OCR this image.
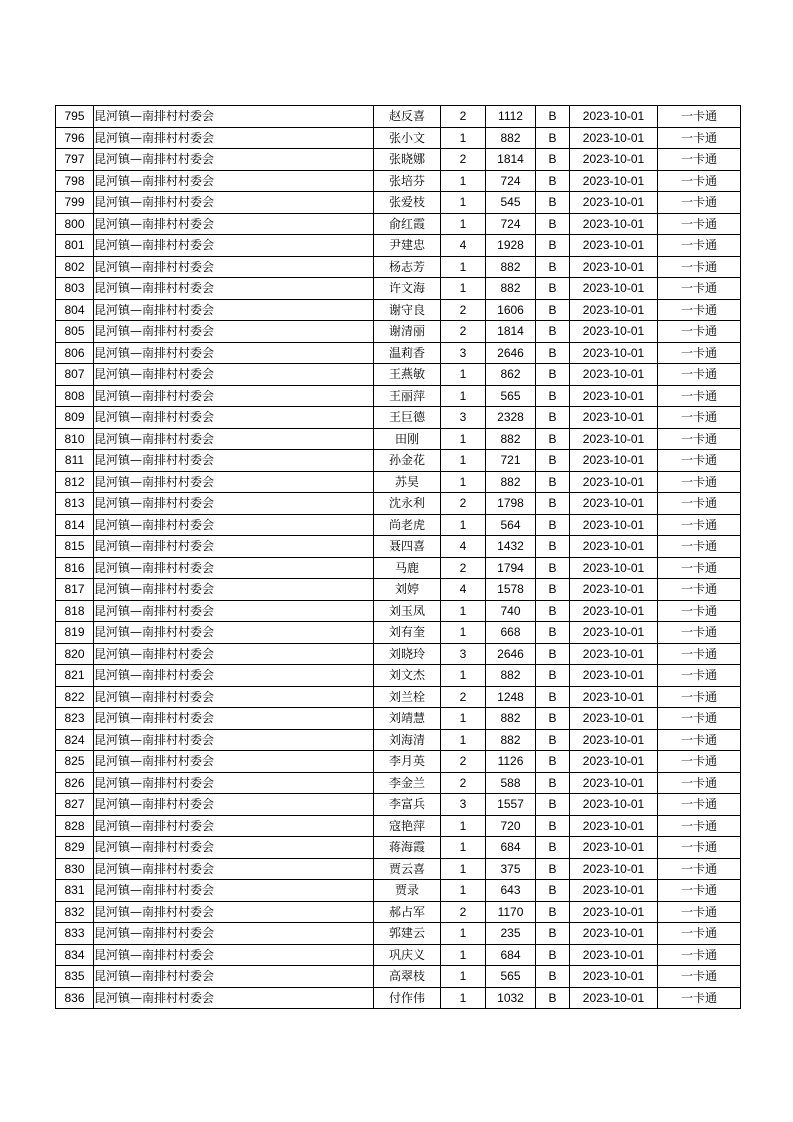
795	昆河镇—南排村村委会	赵反喜	2	1112	B	2023-10-01	一卡通
796	昆河镇—南排村村委会	张小文	1	882	B	2023-10-01	一卡通
797	昆河镇—南排村村委会	张晓娜	2	1814	B	2023-10-01	一卡通
798	昆河镇—南排村村委会	张培芬	1	724	B	2023-10-01	一卡通
799	昆河镇—南排村村委会	张爱枝	1	545	B	2023-10-01	一卡通
800	昆河镇—南排村村委会	俞红霞	1	724	B	2023-10-01	一卡通
801	昆河镇—南排村村委会	尹建忠	4	1928	B	2023-10-01	一卡通
802	昆河镇—南排村村委会	杨志芳	1	882	B	2023-10-01	一卡通
803	昆河镇—南排村村委会	许文海	1	882	B	2023-10-01	一卡通
804	昆河镇—南排村村委会	谢守良	2	1606	B	2023-10-01	一卡通
805	昆河镇—南排村村委会	谢清丽	2	1814	B	2023-10-01	一卡通
806	昆河镇—南排村村委会	温莉香	3	2646	B	2023-10-01	一卡通
807	昆河镇—南排村村委会	王燕敏	1	862	B	2023-10-01	一卡通
808	昆河镇—南排村村委会	王丽萍	1	565	B	2023-10-01	一卡通
809	昆河镇—南排村村委会	王巨德	3	2328	B	2023-10-01	一卡通
810	昆河镇—南排村村委会	田刚	1	882	B	2023-10-01	一卡通
811	昆河镇—南排村村委会	孙金花	1	721	B	2023-10-01	一卡通
812	昆河镇—南排村村委会	苏昊	1	882	B	2023-10-01	一卡通
813	昆河镇—南排村村委会	沈永利	2	1798	B	2023-10-01	一卡通
814	昆河镇—南排村村委会	尚老虎	1	564	B	2023-10-01	一卡通
815	昆河镇—南排村村委会	聂四喜	4	1432	B	2023-10-01	一卡通
816	昆河镇—南排村村委会	马鹿	2	1794	B	2023-10-01	一卡通
817	昆河镇—南排村村委会	刘婷	4	1578	B	2023-10-01	一卡通
818	昆河镇—南排村村委会	刘玉凤	1	740	B	2023-10-01	一卡通
819	昆河镇—南排村村委会	刘有奎	1	668	B	2023-10-01	一卡通
820	昆河镇—南排村村委会	刘晓玲	3	2646	B	2023-10-01	一卡通
821	昆河镇—南排村村委会	刘文杰	1	882	B	2023-10-01	一卡通
822	昆河镇—南排村村委会	刘兰栓	2	1248	B	2023-10-01	一卡通
823	昆河镇—南排村村委会	刘靖慧	1	882	B	2023-10-01	一卡通
824	昆河镇—南排村村委会	刘海清	1	882	B	2023-10-01	一卡通
825	昆河镇—南排村村委会	李月英	2	1126	B	2023-10-01	一卡通
826	昆河镇—南排村村委会	李金兰	2	588	B	2023-10-01	一卡通
827	昆河镇—南排村村委会	李富兵	3	1557	B	2023-10-01	一卡通
828	昆河镇—南排村村委会	寇艳萍	1	720	B	2023-10-01	一卡通
829	昆河镇—南排村村委会	蒋海霞	1	684	B	2023-10-01	一卡通
830	昆河镇—南排村村委会	贾云喜	1	375	B	2023-10-01	一卡通
831	昆河镇—南排村村委会	贾录	1	643	B	2023-10-01	一卡通
832	昆河镇—南排村村委会	郝占军	2	1170	B	2023-10-01	一卡通
833	昆河镇—南排村村委会	郭建云	1	235	B	2023-10-01	一卡通
834	昆河镇—南排村村委会	巩庆义	1	684	B	2023-10-01	一卡通
835	昆河镇—南排村村委会	高翠枝	1	565	B	2023-10-01	一卡通
836	昆河镇—南排村村委会	付作伟	1	1032	B	2023-10-01	一卡通
